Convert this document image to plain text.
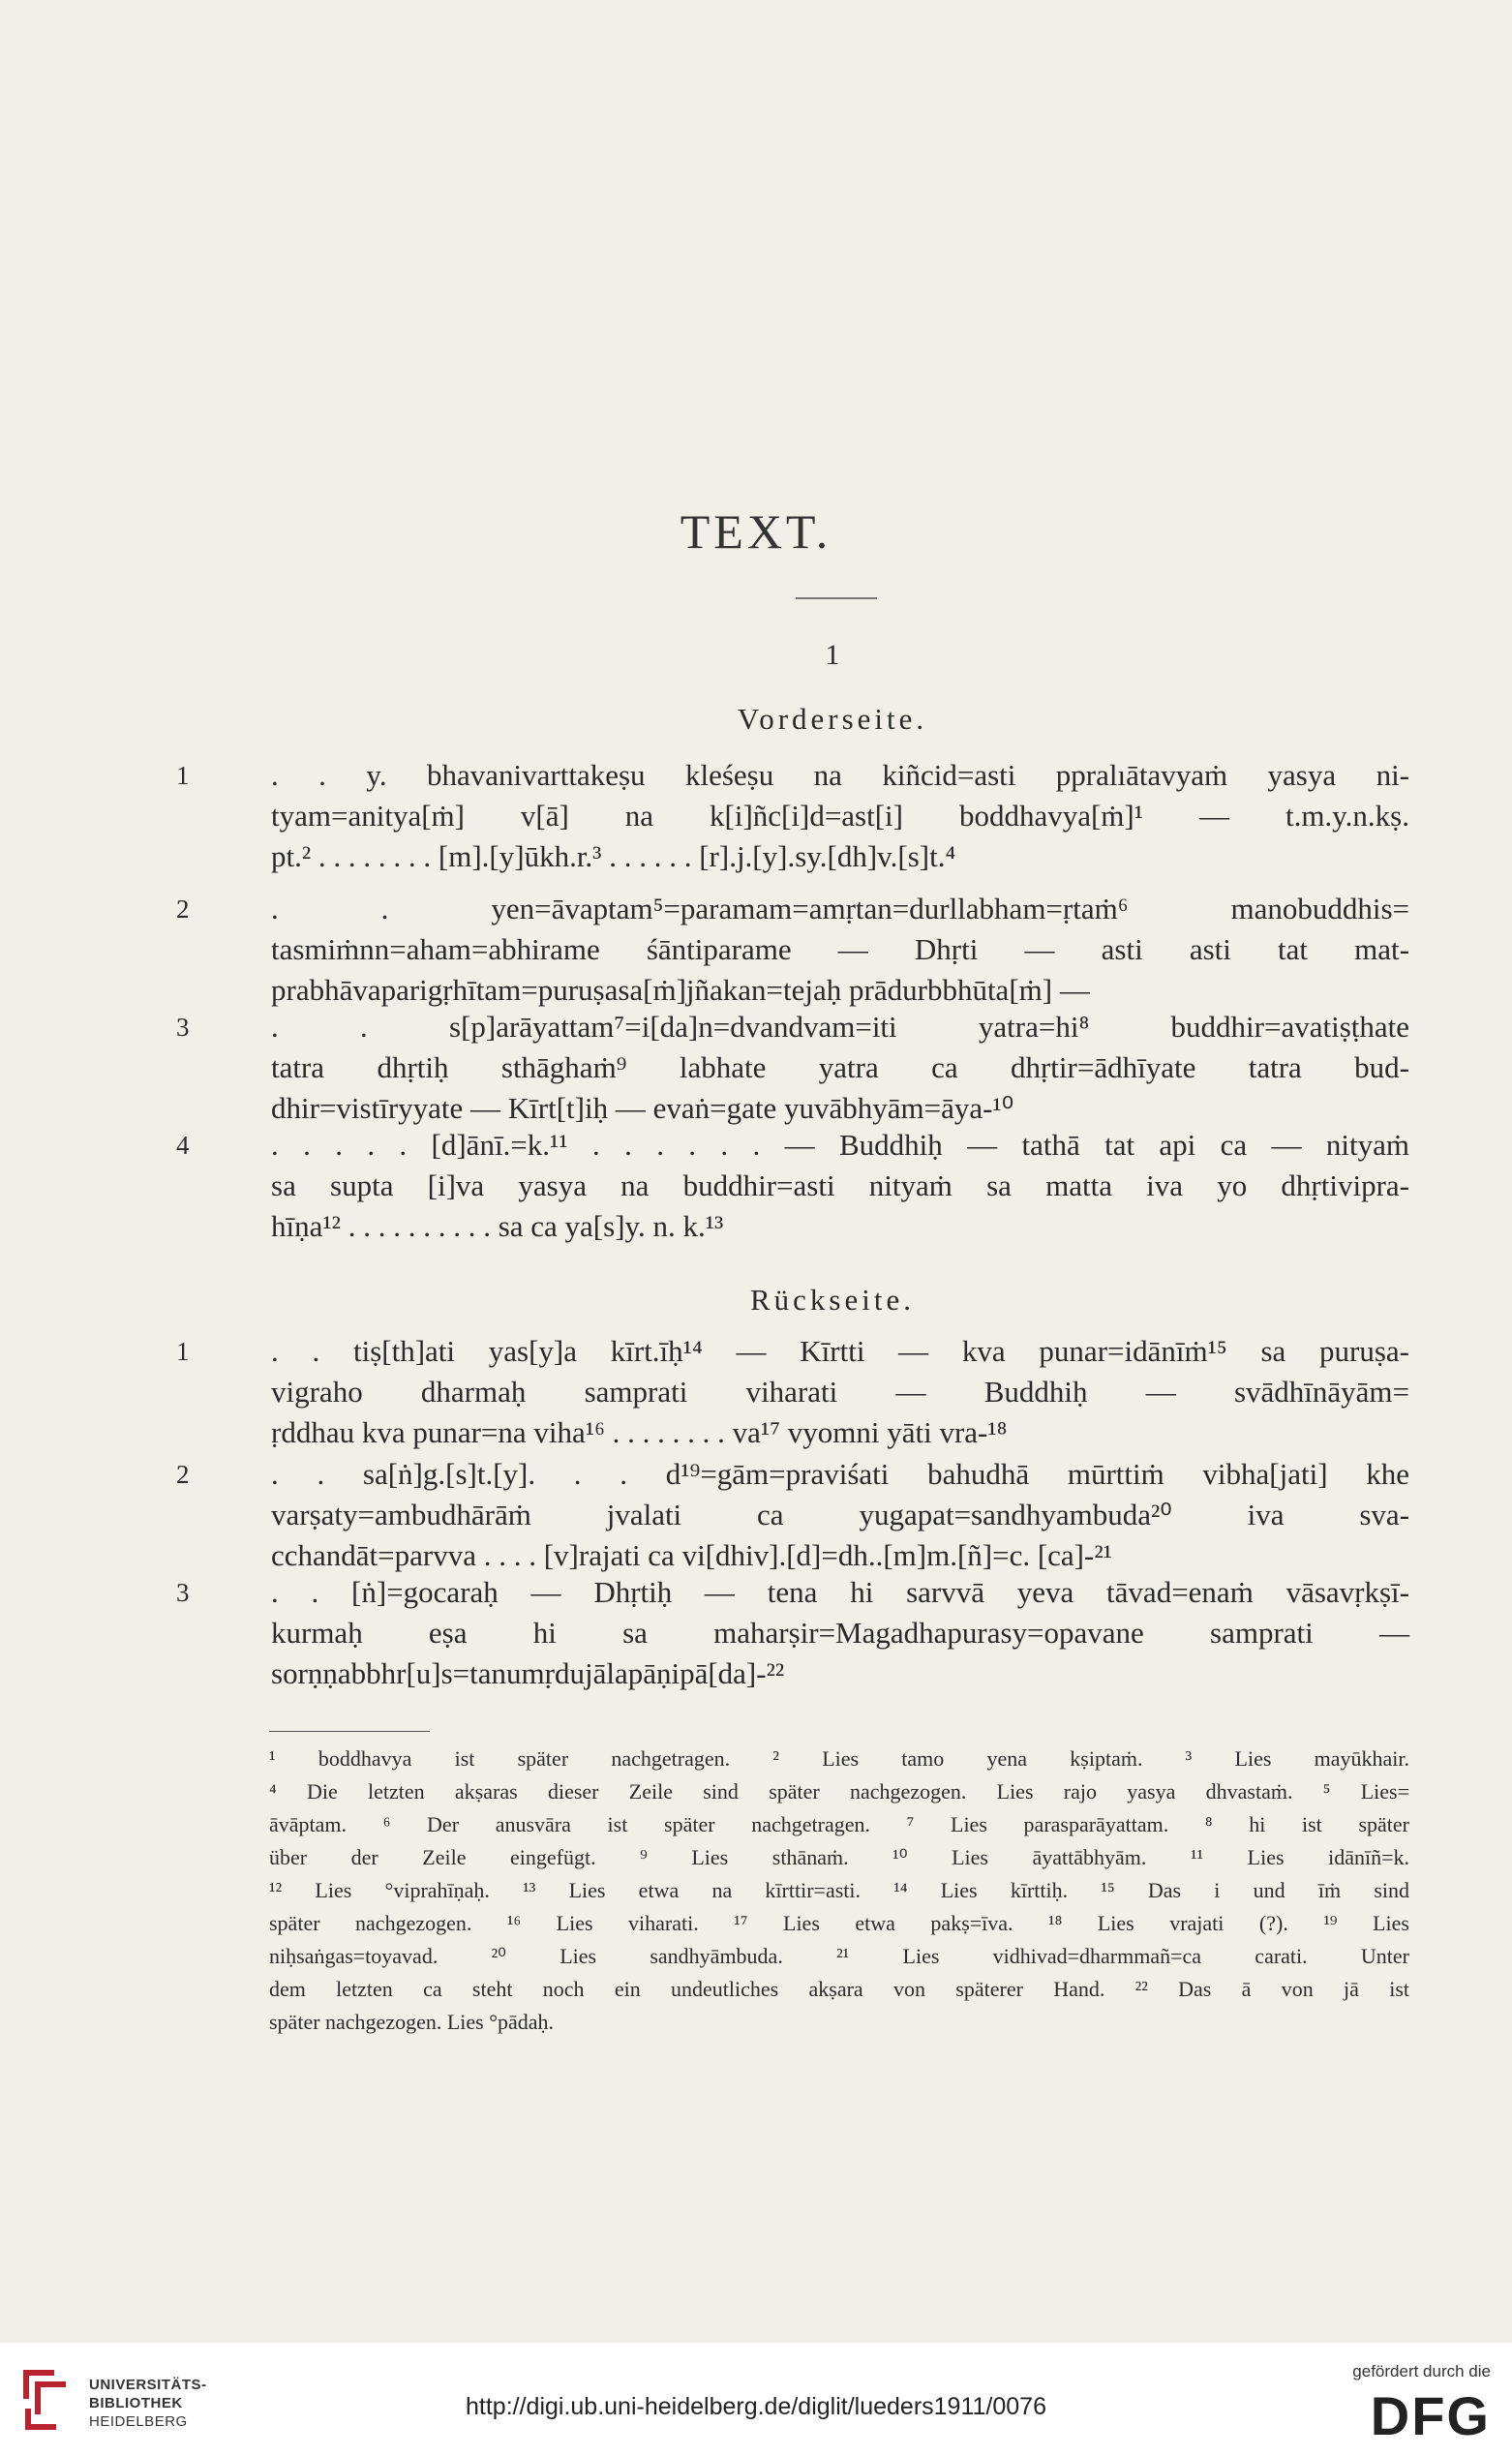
TEXT.
1
Vorderseite.
1	. . y. bhavanivarttakeṣu kleśeṣu na kiñcid=asti ppralıātavyaṁ yasya ni-
tyam=anitya[ṁ] v[ā] na k[i]ñc[i]d=ast[i] boddhavya[ṁ]¹ — t.m.y.n.kṣ.
pt.² . . . . . . . . [m].[y]ūkh.r.³ . . . . . . [r].j.[y].sy.[dh]v.[s]t.⁴
2	. . yen=āvaptam⁵=paramam=amṛtan=durllabham=ṛtaṁ⁶ manobuddhis=
tasmiṁnn=aham=abhirame śāntiparame — Dhṛti — asti asti tat mat-
prabhāvaparigṛhītam=puruṣasa[ṁ]jñakan=tejaḥ prādurbbhūta[ṁ] —
3	. . s[p]arāyattam⁷=i[da]n=dvandvam=iti yatra=hi⁸ buddhir=avatiṣṭhate
tatra dhṛtiḥ sthāghaṁ⁹ labhate yatra ca dhṛtir=ādhīyate tatra bud-
dhir=vistīryyate — Kīrt[t]iḥ — evaṅ=gate yuvābhyām=āya-¹⁰
4	. . . . . [d]ānī.=k.¹¹ . . . . . . — Buddhiḥ — tathā tat api ca — nityaṁ
sa supta [i]va yasya na buddhir=asti nityaṁ sa matta iva yo dhṛtivipra-
hīṇa¹² . . . . . . . . . . sa ca ya[s]y. n. k.¹³
Rückseite.
1	. . tiṣ[th]ati yas[y]a kīrt.īḥ¹⁴ — Kīrtti — kva punar=idānīṁ¹⁵ sa puruṣa-
vigraho dharmaḥ samprati viharati — Buddhiḥ — svādhīnāyām=
ṛddhau kva punar=na viha¹⁶ . . . . . . . . va¹⁷ vyomni yāti vra-¹⁸
2	. . sa[ṅ]g.[s]t.[y]. . . d¹⁹=gām=praviśati bahudhā mūrttiṁ vibha[jati] khe
varṣaty=ambudhārāṁ jvalati ca yugapat=sandhyambuda²⁰ iva sva-
cchandāt=parvva . . . . [v]rajati ca vi[dhiv].[d]=dh..[m]m.[ñ]=c. [ca]-²¹
3	. . [ṅ]=gocaraḥ — Dhṛtiḥ — tena hi sarvvā yeva tāvad=enaṁ vāsavṛkṣī-
kurmaḥ eṣa hi sa maharṣir=Magadhapurasy=opavane samprati —
sorṇṇabbhr[u]s=tanumṛdujālapāṇipā[da]-²²
¹ boddhavya ist später nachgetragen. ² Lies tamo yena kṣiptaṁ. ³ Lies mayūkhair.
⁴ Die letzten akṣaras dieser Zeile sind später nachgezogen. Lies rajo yasya dhvastaṁ. ⁵ Lies=
āvāptam. ⁶ Der anusvāra ist später nachgetragen. ⁷ Lies parasparāyattam. ⁸ hi ist später
über der Zeile eingefügt. ⁹ Lies sthānaṁ. ¹⁰ Lies āyattābhyām. ¹¹ Lies idānīñ=k.
¹² Lies °viprahīṇaḥ. ¹³ Lies etwa na kīrttir=asti. ¹⁴ Lies kīrttiḥ. ¹⁵ Das i und īṁ sind
später nachgezogen. ¹⁶ Lies viharati. ¹⁷ Lies etwa pakṣ=īva. ¹⁸ Lies vrajati (?). ¹⁹ Lies
niḥsaṅgas=toyavad. ²⁰ Lies sandhyāmbuda. ²¹ Lies vidhivad=dharmmañ=ca carati. Unter
dem letzten ca steht noch ein undeutliches akṣara von späterer Hand. ²² Das ā von jā ist
später nachgezogen. Lies °pādaḥ.
UNIVERSITÄTS-
BIBLIOTHEK
HEIDELBERG
http://digi.ub.uni-heidelberg.de/diglit/lueders1911/0076
gefördert durch die
DFG
